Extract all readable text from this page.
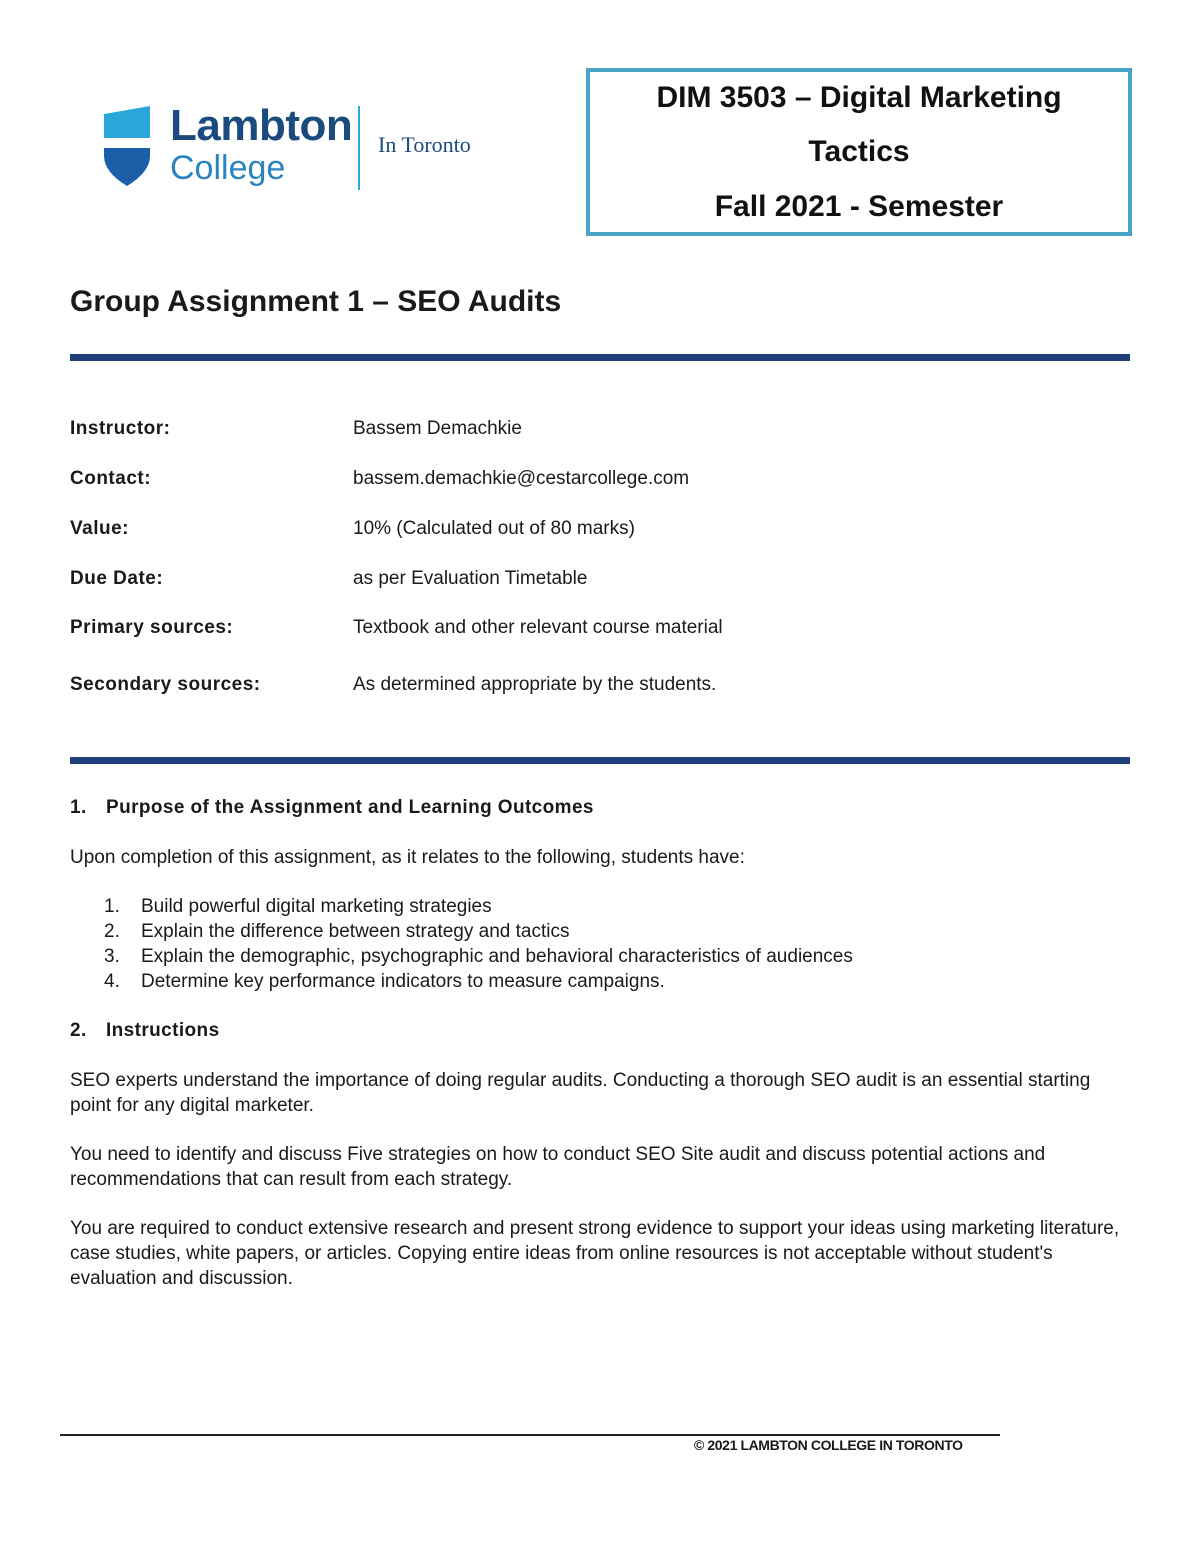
Lambton
College
In Toronto
DIM 3503 – Digital Marketing
Tactics
Fall 2021 - Semester
Group Assignment 1 – SEO Audits
Instructor:	Bassem Demachkie
Contact:	bassem.demachkie@cestarcollege.com
Value:	10% (Calculated out of 80 marks)
Due Date:	as per Evaluation Timetable
Primary sources:	Textbook and other relevant course material
Secondary sources:	As determined appropriate by the students.
1. Purpose of the Assignment and Learning Outcomes
Upon completion of this assignment, as it relates to the following, students have:
1.	Build powerful digital marketing strategies
2.	Explain the difference between strategy and tactics
3.	Explain the demographic, psychographic and behavioral characteristics of audiences
4.	Determine key performance indicators to measure campaigns.
2. Instructions
SEO experts understand the importance of doing regular audits. Conducting a thorough SEO audit is an essential starting point for any digital marketer.
You need to identify and discuss Five strategies on how to conduct SEO Site audit and discuss potential actions and recommendations that can result from each strategy.
You are required to conduct extensive research and present strong evidence to support your ideas using marketing literature, case studies, white papers, or articles. Copying entire ideas from online resources is not acceptable without student's evaluation and discussion.
© 2021 LAMBTON COLLEGE IN TORONTO
